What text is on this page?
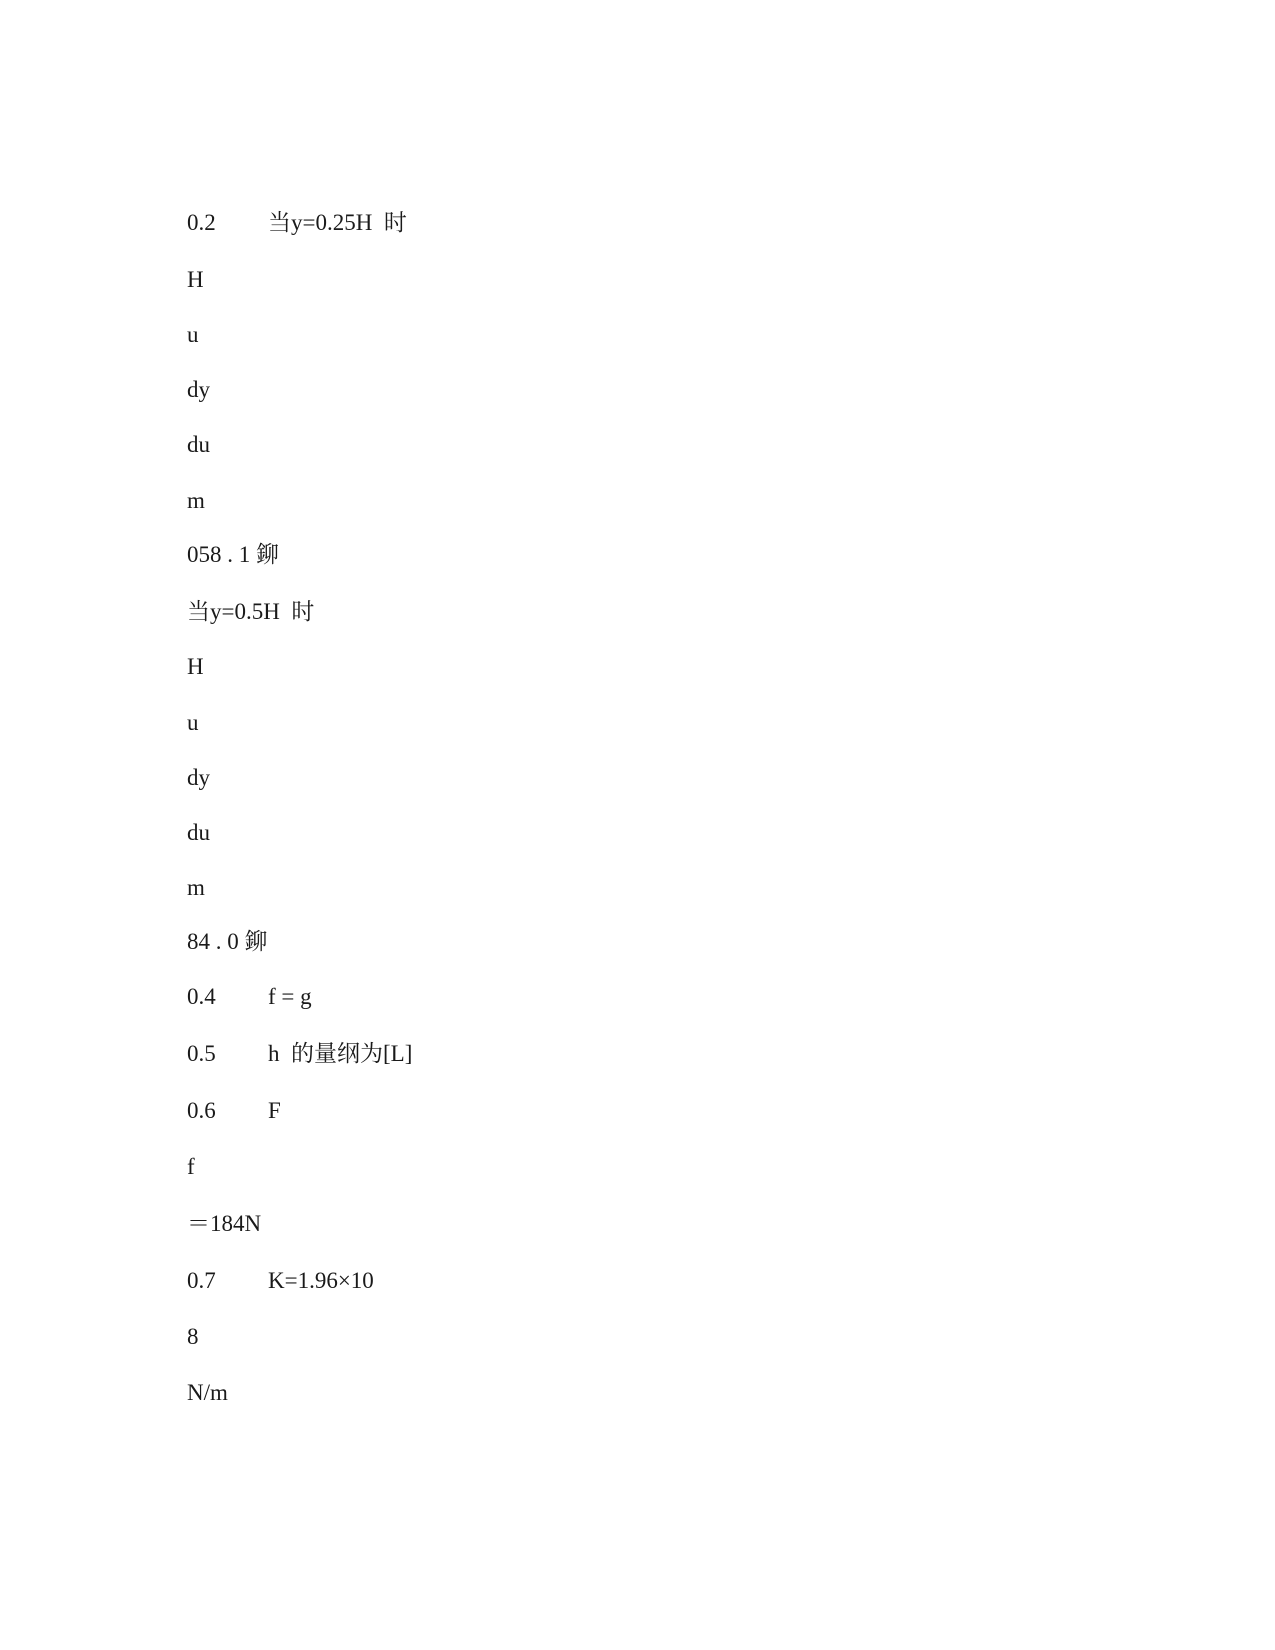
0.2 当y=0.25H  时
H
u
dy
du
m
058 . 1 鉚
当y=0.5H  时
H
u
dy
du
m
84 . 0 鉚
0.4 f = g
0.5 h  的量纲为[L]
0.6 F
f
＝184N
0.7 K=1.96×10
8
N/m
